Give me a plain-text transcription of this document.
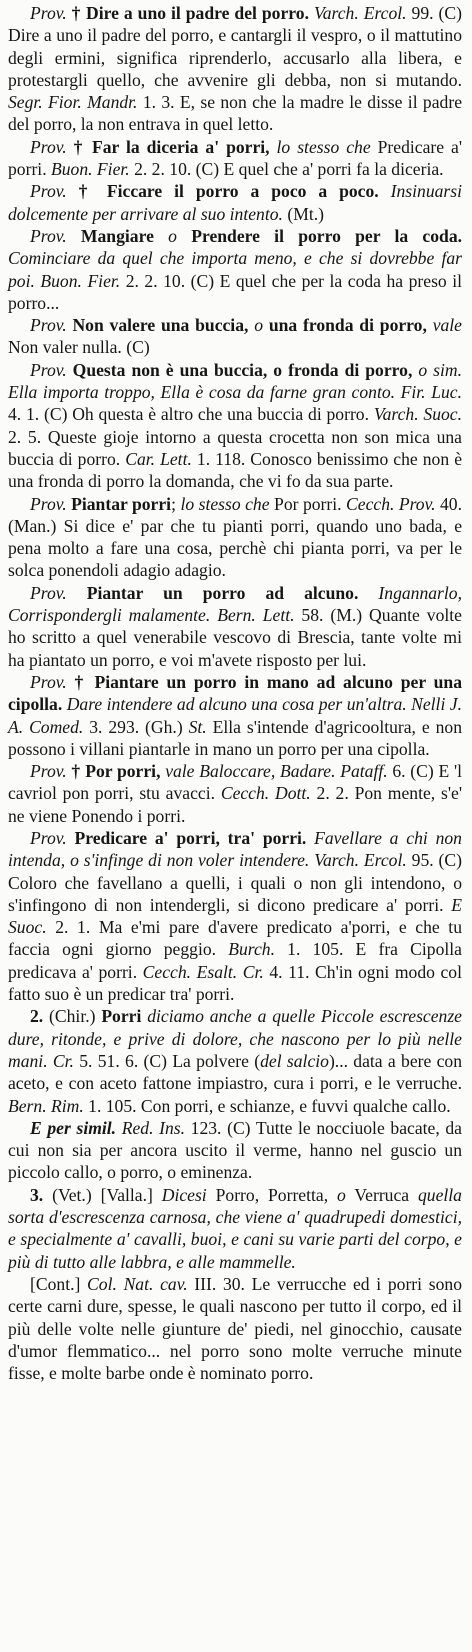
Prov. † Dire a uno il padre del porro. Varch. Ercol. 99. (C) Dire a uno il padre del porro, e cantargli il vespro, o il mattutino degli ermini, significa riprenderlo, accusarlo alla libera, e protestargli quello, che avvenire gli debba, non si mutando. Segr. Fior. Mandr. 1. 3. E, se non che la madre le disse il padre del porro, la non entrava in quel letto.

Prov. † Far la diceria a' porri, lo stesso che Predicare a' porri. Buon. Fier. 2. 2. 10. (C) E quel che a' porri fa la diceria.

Prov. † Ficcare il porro a poco a poco. Insinuarsi dolcemente per arrivare al suo intento. (Mt.)

Prov. Mangiare o Prendere il porro per la coda. Cominciare da quel che importa meno, e che si dovrebbe far poi. Buon. Fier. 2. 2. 10. (C) E quel che per la coda ha preso il porro...

Prov. Non valere una buccia, o una fronda di porro, vale Non valer nulla. (C)

Prov. Questa non è una buccia, o fronda di porro, o sim. Ella importa troppo, Ella è cosa da farne gran conto. Fir. Luc. 4. 1. (C) Oh questa è altro che una buccia di porro. Varch. Suoc. 2. 5. Queste gioje intorno a questa crocetta non son mica una buccia di porro. Car. Lett. 1. 118. Conosco benissimo che non è una fronda di porro la domanda, che vi fo da sua parte.

Prov. Piantar porri; lo stesso che Por porri. Cecch. Prov. 40. (Man.) Si dice e' par che tu pianti porri, quando uno bada, e pena molto a fare una cosa, perchè chi pianta porri, va per le solca ponendoli adagio adagio.

Prov. Piantar un porro ad alcuno. Ingannarlo, Corrispondergli malamente. Bern. Lett. 58. (M.) Quante volte ho scritto a quel venerabile vescovo di Brescia, tante volte mi ha piantato un porro, e voi m'avete risposto per lui.

Prov. † Piantare un porro in mano ad alcuno per una cipolla. Dare intendere ad alcuno una cosa per un'altra. Nelli J. A. Comed. 3. 293. (Gh.) St. Ella s'intende d'agricooltura, e non possono i villani piantarle in mano un porro per una cipolla.

Prov. † Por porri, vale Baloccare, Badare. Pataff. 6. (C) E 'l cavriol pon porri, stu avacci. Cecch. Dott. 2. 2. Pon mente, s'e' ne viene Ponendo i porri.

Prov. Predicare a' porri, tra' porri. Favellare a chi non intenda, o s'infinge di non voler intendere. Varch. Ercol. 95. (C) Coloro che favellano a quelli, i quali o non gli intendono, o s'infingono di non intendergli, si dicono predicare a' porri. E Suoc. 2. 1. Ma e'mi pare d'avere predicato a'porri, e che tu faccia ogni giorno peggio. Burch. 1. 105. E fra Cipolla predicava a' porri. Cecch. Esalt. Cr. 4. 11. Ch'in ogni modo col fatto suo è un predicar tra' porri.

2. (Chir.) Porri diciamo anche a quelle Piccole escrescenze dure, ritonde, e prive di dolore, che nascono per lo più nelle mani. Cr. 5. 51. 6. (C) La polvere (del salcio)... data a bere con aceto, e con aceto fattone impiastro, cura i porri, e le verruche. Bern. Rim. 1. 105. Con porri, e schianze, e fuvvi qualche callo.

E per simil. Red. Ins. 123. (C) Tutte le nocciuole bacate, da cui non sia per ancora uscito il verme, hanno nel guscio un piccolo callo, o porro, o eminenza.

3. (Vet.) [Valla.] Dicesi Porro, Porretta, o Verruca quella sorta d'escrescenza carnosa, che viene a' quadrupedi domestici, e specialmente a' cavalli, buoi, e cani su varie parti del corpo, e più di tutto alle labbra, e alle mammelle.

[Cont.] Col. Nat. cav. III. 30. Le verrucche ed i porri sono certe carni dure, spesse, le quali nascono per tutto il corpo, ed il più delle volte nelle giunture de' piedi, nel ginocchio, causate d'umor flemmatico... nel porro sono molte verruche minute fisse, e molte barbe onde è nominato porro.
